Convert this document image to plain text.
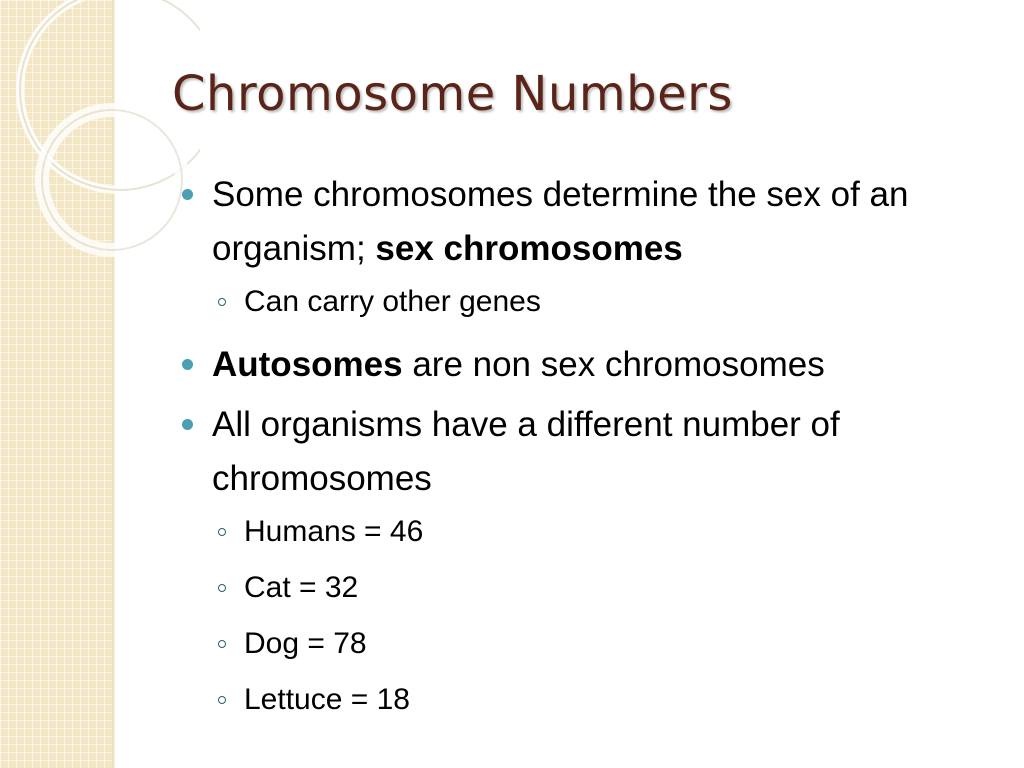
Chromosome Numbers
Some chromosomes determine the sex of an organism; sex chromosomes
Can carry other genes
Autosomes are non sex chromosomes
All organisms have a different number of chromosomes
Humans = 46
Cat = 32
Dog = 78
Lettuce = 18
